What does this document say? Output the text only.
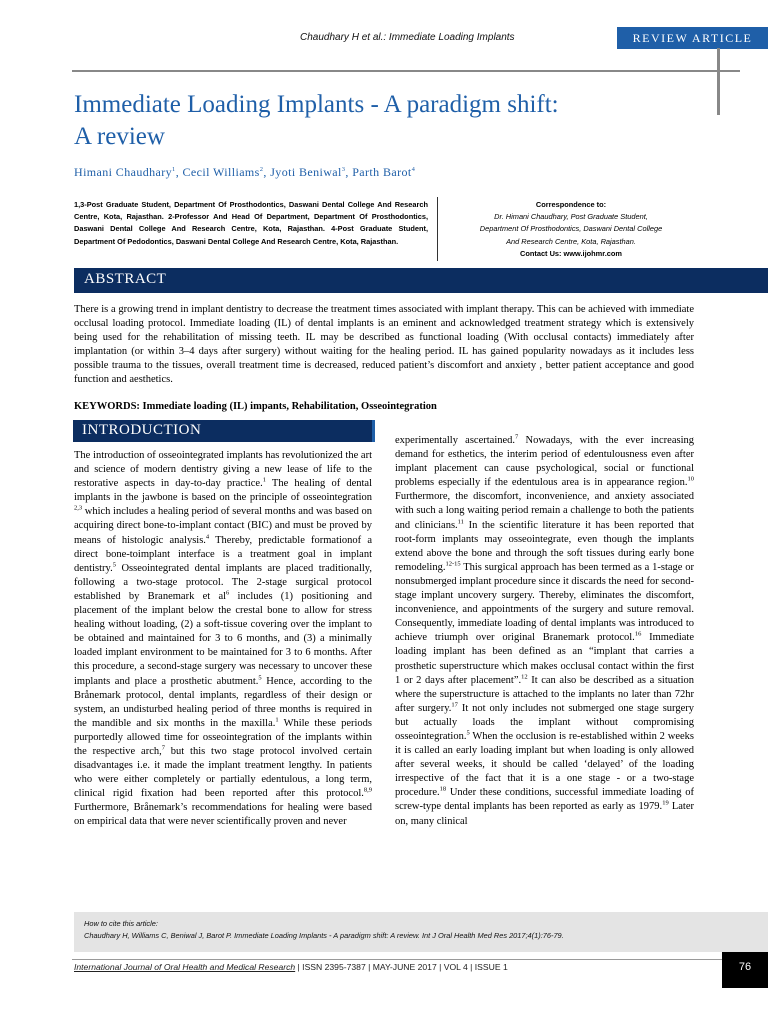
Chaudhary H et al.: Immediate Loading Implants	REVIEW ARTICLE
Immediate Loading Implants - A paradigm shift:
A review
Himani Chaudhary$^1$, Cecil Williams$^2$, Jyoti Beniwal$^3$, Parth Barot$^4$
1,3-Post Graduate Student, Department Of Prosthodontics, Daswani Dental College And Research Centre, Kota, Rajasthan. 2-Professor And Head Of Department, Department Of Prosthodontics, Daswani Dental College And Research Centre, Kota, Rajasthan. 4-Post Graduate Student, Department Of Pedodontics, Daswani Dental College And Research Centre, Kota, Rajasthan.
Correspondence to:
Dr. Himani Chaudhary, Post Graduate Student,
Department Of Prosthodontics, Daswani Dental College
And Research Centre, Kota, Rajasthan.
Contact Us: www.ijohmr.com
ABSTRACT
There is a growing trend in implant dentistry to decrease the treatment times associated with implant therapy. This can be achieved with immediate occlusal loading protocol. Immediate loading (IL) of dental implants is an eminent and acknowledged treatment strategy which is extensively being used for the rehabilitation of missing teeth. IL may be described as functional loading (With occlusal contacts) immediately after implantation (or within 3–4 days after surgery) without waiting for the healing period. IL has gained popularity nowadays as it includes less possible trauma to the tissues, overall treatment time is decreased, reduced patient’s discomfort and anxiety , better patient acceptance and good function and aesthetics.
KEYWORDS: Immediate loading (IL) impants, Rehabilitation, Osseointegration
INTRODUCTION
The introduction of osseointegrated implants has revolutionized the art and science of modern dentistry giving a new lease of life to the restorative aspects in day-to-day practice.$^1$ The healing of dental implants in the jawbone is based on the principle of osseointegration $^{2,3}$ which includes a healing period of several months and was based on acquiring direct bone-to-implant contact (BIC) and must be proved by means of histologic analysis.$^4$ Thereby, predictable formationof a direct bone-toimplant interface is a treatment goal in implant dentistry.$^5$ Osseointegrated dental implants are placed traditionally, following a two-stage protocol. The 2-stage surgical protocol established by Branemark et $al^6$ includes (1) positioning and placement of the implant below the crestal bone to allow for stress healing without loading, (2) a soft-tissue covering over the implant to be obtained and maintained for 3 to 6 months, and (3) a minimally loaded implant environment to be maintained for 3 to 6 months. After this procedure, a second-stage surgery was necessary to uncover these implants and place a prosthetic abutment.$^5$ Hence, according to the Brånemark protocol, dental implants, regardless of their design or system, an undisturbed healing period of three months is required in the mandible and six months in the maxilla.$^1$ While these periods purportedly allowed time for osseointegration of the implants within the respective arch,$^7$ but this two stage protocol involved certain disadvantages i.e. it made the implant treatment lengthy. In patients who were either completely or partially edentulous, a long term, clinical rigid fixation had been reported after this protocol.$^{8,9}$ Furthermore, Brånemark’s recommendations for healing were based on empirical data that were never scientifically proven and never
experimentally ascertained.$^7$ Nowadays, with the ever increasing demand for esthetics, the interim period of edentulousness even after implant placement can cause psychological, social or functional problems especially if the edentulous area is in appearance region.$^{10}$ Furthermore, the discomfort, inconvenience, and anxiety associated with such a long waiting period remain a challenge to both the patients and clinicians.$^{11}$ In the scientific literature it has been reported that root-form implants may osseointegrate, even though the implants extend above the bone and through the soft tissues during early bone remodeling.$^{12-15}$ This surgical approach has been termed as a 1-stage or nonsubmerged implant procedure since it discards the need for second-stage implant uncovery surgery. Thereby, eliminates the discomfort, inconvenience, and appointments of the surgery and suture removal. Consequently, immediate loading of dental implants was introduced to achieve triumph over original Branemark protocol.$^{16}$ Immediate loading implant has been defined as an “implant that carries a prosthetic superstructure which makes occlusal contact within the first 1 or 2 days after placement”.$^{12}$ It can also be described as a situation where the superstructure is attached to the implants no later than 72hr after surgery.$^{17}$ It not only includes not submerged one stage surgery but actually loads the implant without compromising osseointegration.$^5$ When the occlusion is re-established within 2 weeks it is called an early loading implant but when loading is only allowed after several weeks, it should be called ‘delayed’ of the loading irrespective of the fact that it is a one stage - or a two-stage procedure.$^{18}$ Under these conditions, successful immediate loading of screw-type dental implants has been reported as early as 1979.19 Later on, many clinical
How to cite this article:
Chaudhary H, Williams C, Beniwal J, Barot P. Immediate Loading Implants - A paradigm shift: A review. Int J Oral Health Med Res 2017;4(1):76-79.
International Journal of Oral Health and Medical Research | ISSN 2395-7387 | MAY-JUNE 2017 | VOL 4 | ISSUE 1	76
